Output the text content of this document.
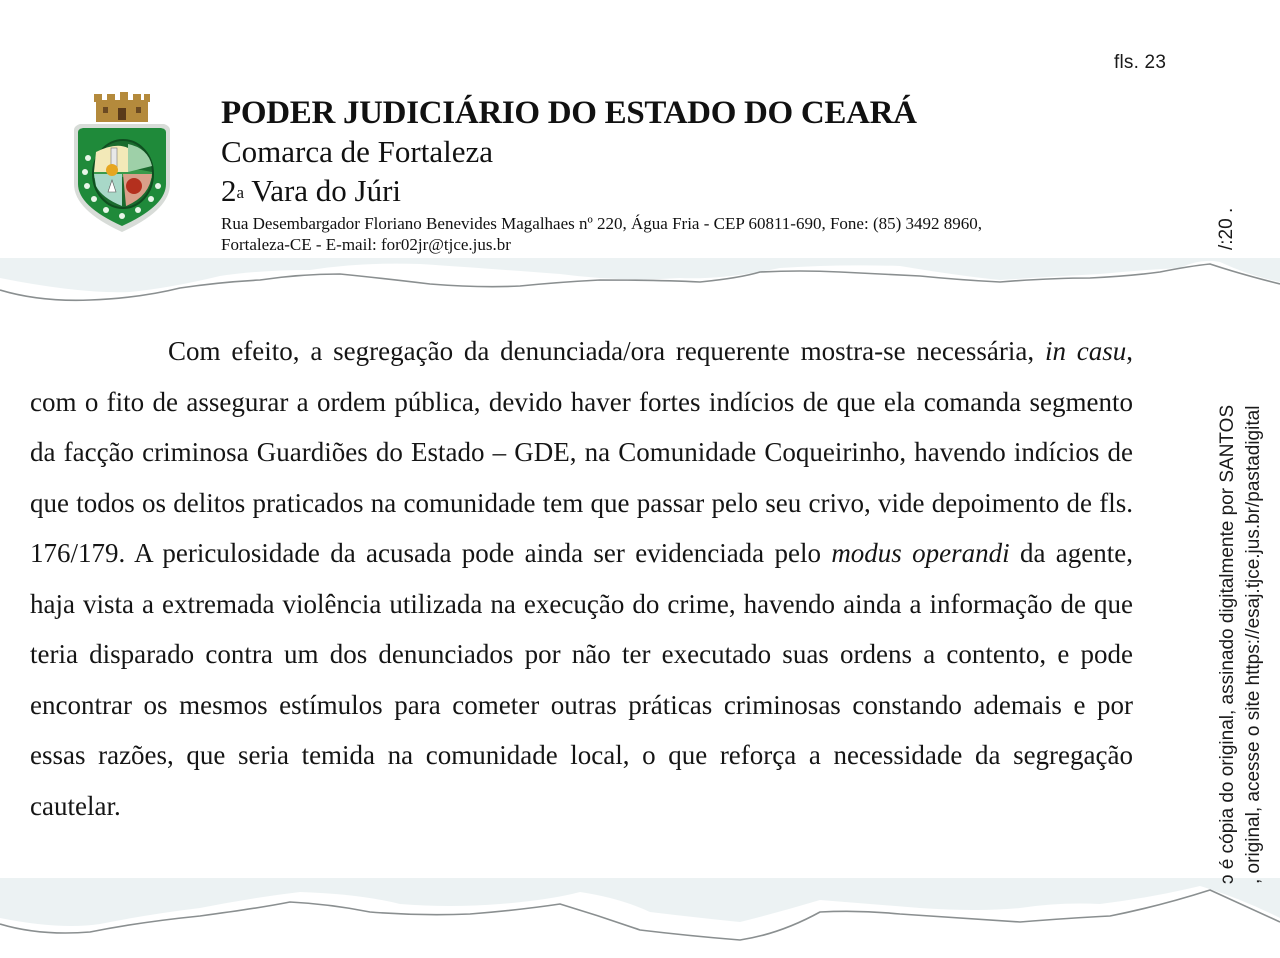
fls. 23

PODER JUDICIÁRIO DO ESTADO DO CEARÁ

Comarca de Fortaleza

2$^a$ Vara do Júri

Rua Desembargador Floriano Benevides Magalhaes nº 220, Água Fria - CEP 60811-690, Fone: (85) 3492 8960,
Fortaleza-CE - E-mail: for02jr@tjce.jus.br
Com efeito, a segregação da denunciada/ora requerente mostra-se necessária, in casu, com o fito de assegurar a ordem pública, devido haver fortes indícios de que ela comanda segmento da facção criminosa Guardiões do Estado – GDE, na Comunidade Coqueirinho, havendo indícios de que todos os delitos praticados na comunidade tem que passar pelo seu crivo, vide depoimento de fls. 176/179. A periculosidade da acusada pode ainda ser evidenciada pelo modus operandi da agente, haja vista a extremada violência utilizada na execução do crime, havendo ainda a informação de que teria disparado contra um dos denunciados por não ter executado suas ordens a contento, e pode encontrar os mesmos estímulos para cometer outras práticas criminosas constando ademais e por essas razões, que seria temida na comunidade local, o que reforça a necessidade da segregação cautelar.
/:20 .
ɔ é cópia do original, assinado digitalmente por SANTOS , original, acesse o site https://esaj.tjce.jus.br/pastadigital
